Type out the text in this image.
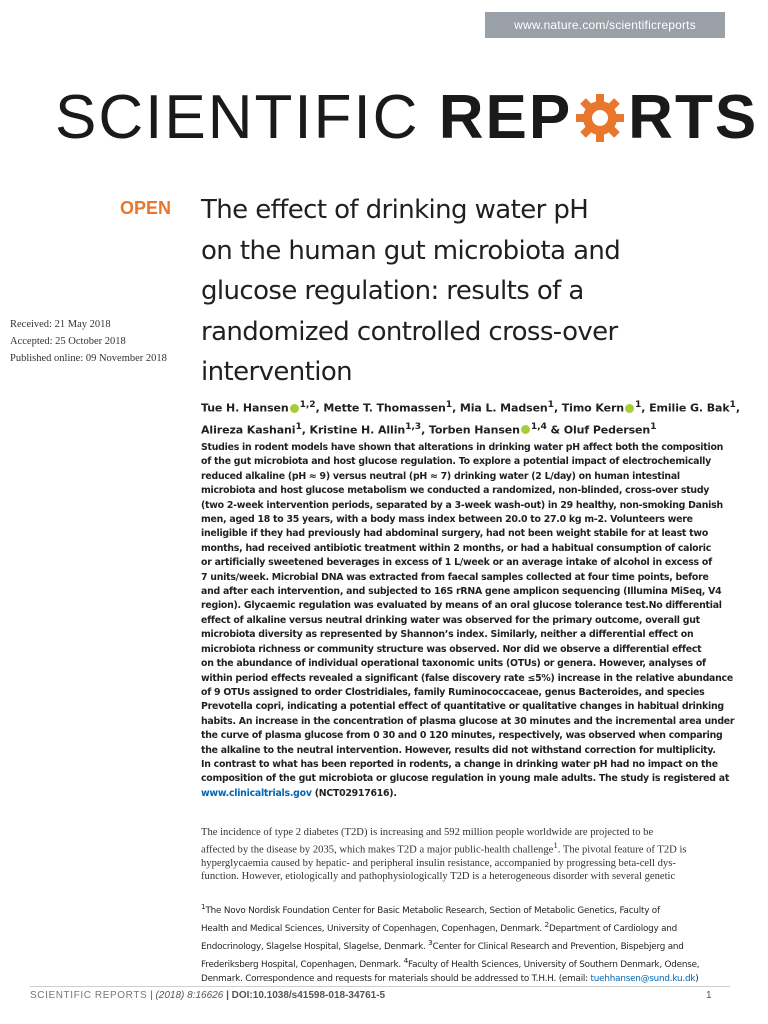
www.nature.com/scientificreports
SCIENTIFIC REP RTS
OPEN
Received: 21 May 2018
Accepted: 25 October 2018
Published online: 09 November 2018
The effect of drinking water pH
on the human gut microbiota and
glucose regulation: results of a
randomized controlled cross-over
intervention
Tue H. Hansen $^{1,2}$, Mette T. Thomassen$^1$, Mia L. Madsen$^1$, Timo Kern $^1$, Emilie G. Bak$^1$,
Alireza Kashani$^1$, Kristine H. Allin$^{1,3}$, Torben Hansen $^{1,4}$ & Oluf Pedersen$^1$
Studies in rodent models have shown that alterations in drinking water pH affect both the composition
of the gut microbiota and host glucose regulation. To explore a potential impact of electrochemically
reduced alkaline (pH ≈ 9) versus neutral (pH ≈ 7) drinking water (2 L/day) on human intestinal
microbiota and host glucose metabolism we conducted a randomized, non-blinded, cross-over study
(two 2-week intervention periods, separated by a 3-week wash-out) in 29 healthy, non-smoking Danish
men, aged 18 to 35 years, with a body mass index between 20.0 to 27.0 kg m-2. Volunteers were
ineligible if they had previously had abdominal surgery, had not been weight stabile for at least two
months, had received antibiotic treatment within 2 months, or had a habitual consumption of caloric
or artificially sweetened beverages in excess of 1 L/week or an average intake of alcohol in excess of
7 units/week. Microbial DNA was extracted from faecal samples collected at four time points, before
and after each intervention, and subjected to 16S rRNA gene amplicon sequencing (Illumina MiSeq, V4
region). Glycaemic regulation was evaluated by means of an oral glucose tolerance test.No differential
effect of alkaline versus neutral drinking water was observed for the primary outcome, overall gut
microbiota diversity as represented by Shannon’s index. Similarly, neither a differential effect on
microbiota richness or community structure was observed. Nor did we observe a differential effect
on the abundance of individual operational taxonomic units (OTUs) or genera. However, analyses of
within period effects revealed a significant (false discovery rate ≤5%) increase in the relative abundance
of 9 OTUs assigned to order Clostridiales, family Ruminococcaceae, genus Bacteroides, and species
Prevotella copri, indicating a potential effect of quantitative or qualitative changes in habitual drinking
habits. An increase in the concentration of plasma glucose at 30 minutes and the incremental area under
the curve of plasma glucose from 0 30 and 0 120 minutes, respectively, was observed when comparing
the alkaline to the neutral intervention. However, results did not withstand correction for multiplicity.
In contrast to what has been reported in rodents, a change in drinking water pH had no impact on the
composition of the gut microbiota or glucose regulation in young male adults. The study is registered at
www.clinicaltrials.gov (NCT02917616).
The incidence of type 2 diabetes (T2D) is increasing and 592 million people worldwide are projected to be
affected by the disease by 2035, which makes T2D a major public-health challenge$^1$. The pivotal feature of T2D is
hyperglycaemia caused by hepatic- and peripheral insulin resistance, accompanied by progressing beta-cell dys-
function. However, etiologically and pathophysiologically T2D is a heterogeneous disorder with several genetic
$^1$The Novo Nordisk Foundation Center for Basic Metabolic Research, Section of Metabolic Genetics, Faculty of
Health and Medical Sciences, University of Copenhagen, Copenhagen, Denmark. $^2$Department of Cardiology and
Endocrinology, Slagelse Hospital, Slagelse, Denmark. $^3$Center for Clinical Research and Prevention, Bispebjerg and
Frederiksberg Hospital, Copenhagen, Denmark. $^4$Faculty of Health Sciences, University of Southern Denmark, Odense,
Denmark. Correspondence and requests for materials should be addressed to T.H.H. (email: tuehhansen@sund.ku.dk)
SCIENTIFIC REPORTS | (2018) 8:16626 | DOI:10.1038/s41598-018-34761-5	1
